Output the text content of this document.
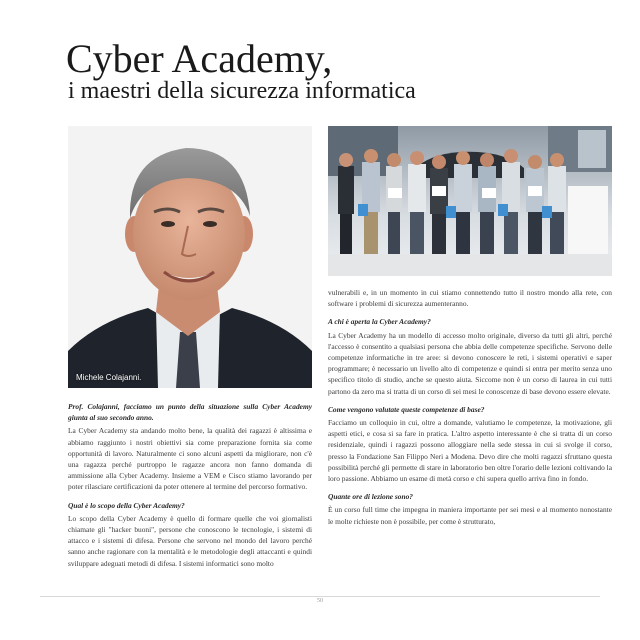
Cyber Academy,
i maestri della sicurezza informatica
Michele Colajanni.

Prof. Colajanni, facciamo un punto della situazione sulla Cyber Academy giunta al suo secondo anno.

La Cyber Academy sta andando molto bene, la qualità dei ragazzi è altissima e abbiamo raggiunto i nostri obiettivi sia come preparazione fornita sia come opportunità di lavoro. Naturalmente ci sono alcuni aspetti da migliorare, non c'è una ragazza perché purtroppo le ragazze ancora non fanno domanda di ammissione alla Cyber Academy. Insieme a VEM e Cisco stiamo lavorando per poter rilasciare certificazioni da poter ottenere al termine del percorso formativo.

Qual è lo scopo della Cyber Academy?

Lo scopo della Cyber Academy è quello di formare quelle che voi giornalisti chiamate gli "hacker buoni", persone che conoscono le tecnologie, i sistemi di attacco e i sistemi di difesa. Persone che servono nel mondo del lavoro perché sanno anche ragionare con la mentalità e le metodologie degli attaccanti e quindi sviluppare adeguati metodi di difesa. I sistemi informatici sono molto

vulnerabili e, in un momento in cui stiamo connettendo tutto il nostro mondo alla rete, con software i problemi di sicurezza aumenteranno.

A chi è aperta la Cyber Academy?

La Cyber Academy ha un modello di accesso molto originale, diverso da tutti gli altri, perché l'accesso è consentito a qualsiasi persona che abbia delle competenze specifiche. Servono delle competenze informatiche in tre aree: si devono conoscere le reti, i sistemi operativi e saper programmare; è necessario un livello alto di competenze e quindi si entra per merito senza uno specifico titolo di studio, anche se questo aiuta. Siccome non è un corso di laurea in cui tutti partono da zero ma si tratta di un corso di sei mesi le conoscenze di base devono essere elevate.

Come vengono valutate queste competenze di base?

Facciamo un colloquio in cui, oltre a domande, valutiamo le competenze, la motivazione, gli aspetti etici, e cosa si sa fare in pratica. L'altro aspetto interessante è che si tratta di un corso residenziale, quindi i ragazzi possono alloggiare nella sede stessa in cui si svolge il corso, presso la Fondazione San Filippo Neri a Modena. Devo dire che molti ragazzi sfruttano questa possibilità perché gli permette di stare in laboratorio ben oltre l'orario delle lezioni coltivando la loro passione. Abbiamo un esame di metà corso e chi supera quello arriva fino in fondo.

Quante ore di lezione sono?

È un corso full time che impegna in maniera importante per sei mesi e al momento nonostante le molte richieste non è possibile, per come è strutturato,

50
